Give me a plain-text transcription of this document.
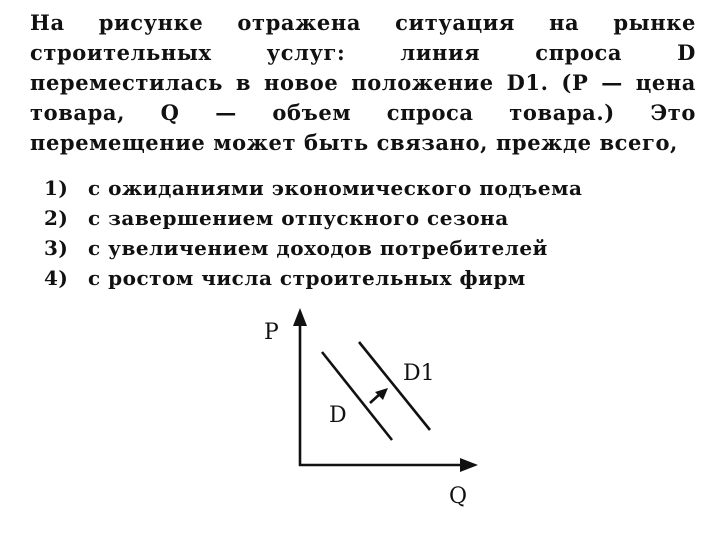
На рисунке отражена ситуация на рынке строительных услуг: линия спроса D переместилась в новое положение D1. (P — цена товара, Q — объем спроса товара.) Это перемещение может быть связано, прежде всего,
1) с ожиданиями экономического подъема
2) с завершением отпускного сезона
3) с увеличением доходов потребителей
4) с ростом числа строительных фирм
P
Q
D
D1
